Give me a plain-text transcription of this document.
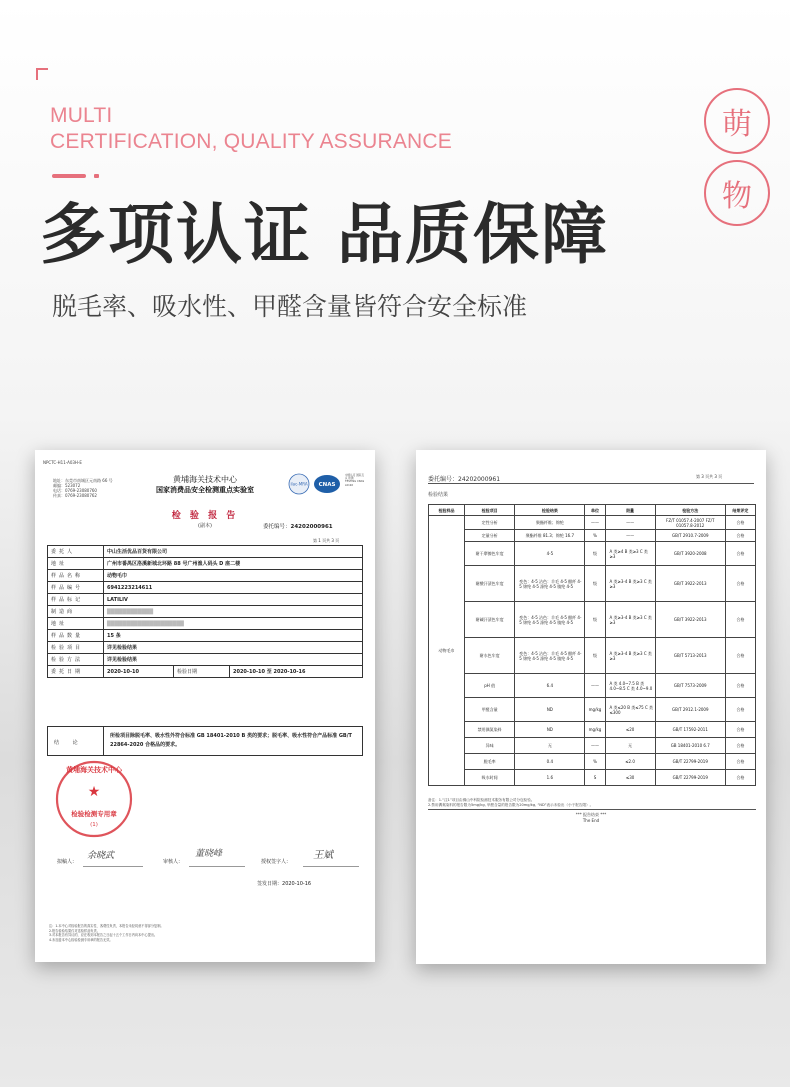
MULTI
CERTIFICATION, QUALITY ASSURANCE	萌
物
多项认证 品质保障
脱毛率、吸水性、甲醛含量皆符合安全标准
NPCTC-H11-A03H-E
地址：东莞市南城区元南路 66 号
邮编：523072
电话：0769-23080760
传真：0769-23080762
黄埔海关技术中心
国家消费品安全检测重点实验室
ilac-MRA CNAS
中国认可 国际互认 检测 TESTING CNAS L0192
检 验 报 告
(副本)	委托编号：24202000961
第 1 页共 3 页
委托人	中山生活优品百货有限公司		
地址	广州市番禺区洛溪新城北环路 88 号广州渔人码头 D 座二楼		
样品名称	动物毛巾		
样品编号	6941223214611		
样品标记	LATILIV		
制造商	████████████		
地址	████████████████████		
样品数量	15 条		
检验项目	详见检验结果		
检验方法	详见检验结果		
委托日期	2020-10-10	检验日期	2020-10-10 至 2020-10-16
结 论
所检项目除脱毛率、吸水性外符合标准 GB 18401-2010 B 类的要求；脱毛率、吸水性符合产品标准 GB/T 22864-2020 合格品的要求。
黄埔海关技术中心
★
检验检测专用章
(1)
拟稿人：
余晓武
审核人：
董晓峰
授权签字人：
王斌
签发日期：2020-10-16
注：1.本中心对检验报告的真实性、客观性负责，本报告未经同意不得部分复制。
2.报告检验结果仅对送检样品负责。
3.对本报告有异议的，应在收到本报告之日起十五个工作日内向本中心提出。
4.未加盖本中心检验检测专用章的报告无效。
委托编号：24202000961	第 3 页共 3 页
检验结果
检验样品	检验项目	检验结果	单位	限量	检验方法	结果评定
动物毛巾	定性分析	聚酯纤维；锦纶	——	——	FZ/T 01057.4-2007 FZ/T 01057.8-2012	合格
	定量分析	聚酯纤维 81.3；锦纶 16.7	%	——	GB/T 2910.7-2009	合格
	耐干摩擦色牢度	4-5	级	A 类≥4 B 类≥3 C 类≥3	GB/T 3920-2008	合格
	耐酸汗渍色牢度	变色：4-5 沾色：羊毛 4-5 醋纤 4-5 锦纶 4-5 涤纶 4-5 腈纶 4-5	级	A 类≥3-4 B 类≥3 C 类≥3	GB/T 3922-2013	合格
	耐碱汗渍色牢度	变色：4-5 沾色：羊毛 4-5 醋纤 4-5 锦纶 4-5 涤纶 4-5 腈纶 4-5	级	A 类≥3-4 B 类≥3 C 类≥3	GB/T 3922-2013	合格
	耐水色牢度	变色：4-5 沾色：羊毛 4-5 醋纤 4-5 锦纶 4-5 涤纶 4-5 腈纶 4-5	级	A 类≥3-4 B 类≥3 C 类≥3	GB/T 5713-2013	合格
	pH 值	6.4	——	A 类 4.0~7.5 B 类 4.0~8.5 C 类 4.0~9.0	GB/T 7573-2009	合格
	甲醛含量	ND	mg/kg	A 类≤20 B 类≤75 C 类≤300	GB/T 2912.1-2009	合格
	禁用偶氮染料	ND	mg/kg	≤20	GB/T 17592-2011	合格
	异味	无	——	无	GB 18401-2010 6.7	合格
	脱毛率	0.4	%	≤2.0	GB/T 22799-2019	合格
	吸水时间	1.6	S	≤30	GB/T 22799-2019	合格
备注：1.“注1”项目由佛山中科院检测技术服务有限公司分包检验。
2.禁用偶氮染料的报告限为5mg/kg, 甲醛含量的报告限为20mg/kg, “ND”表示未检出（小于报告限）。
*** 报告结束 ***
The End
